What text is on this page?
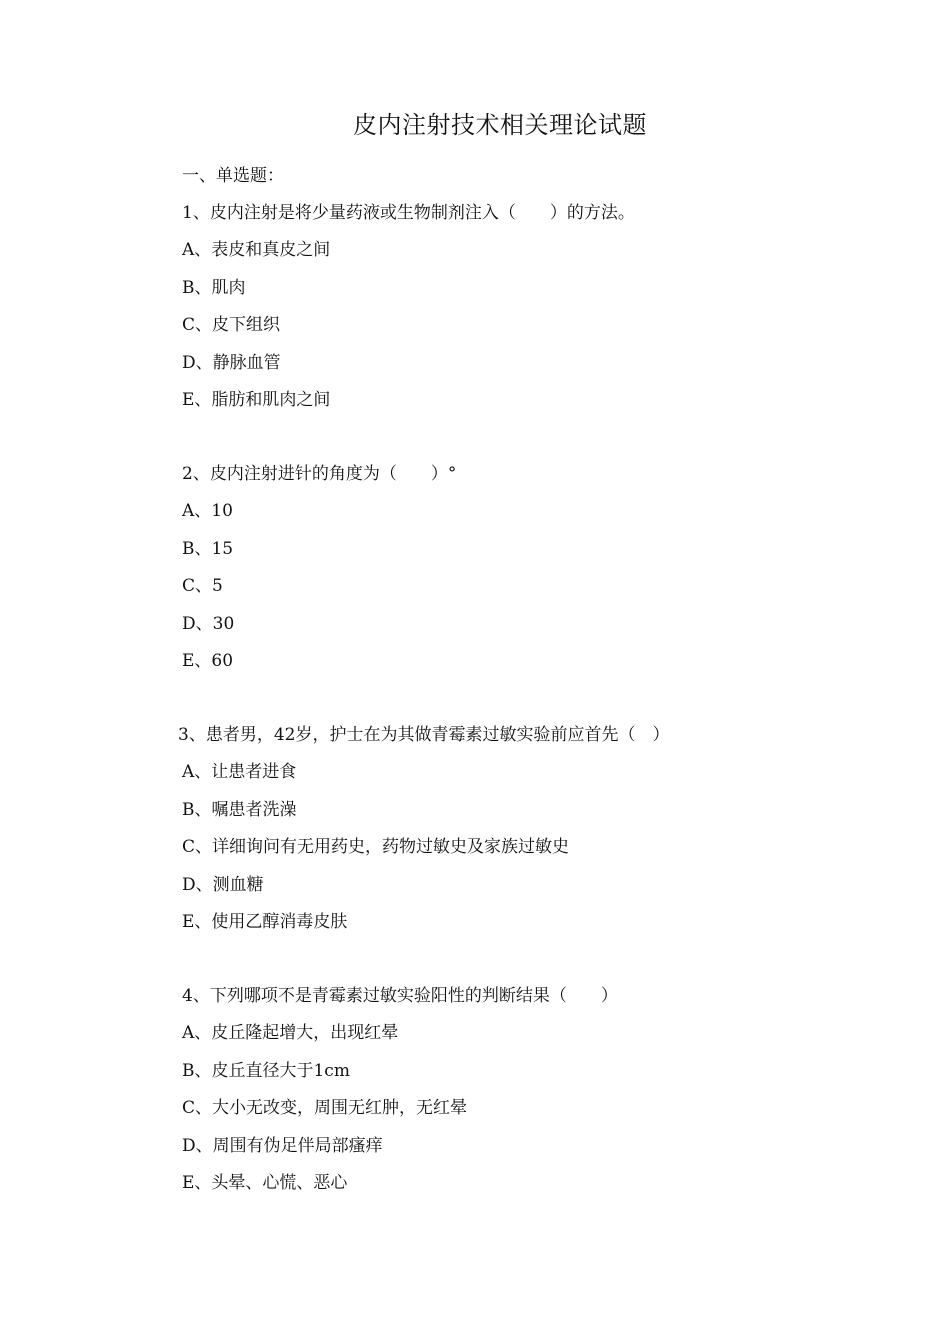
皮内注射技术相关理论试题
一、单选题：
1、皮内注射是将少量药液或生物制剂注入（　　）的方法。
A、表皮和真皮之间
B、肌肉
C、皮下组织
D、静脉血管
E、脂肪和肌肉之间
2、皮内注射进针的角度为（　　）°
A、10
B、15
C、5
D、30
E、60
3、患者男，42岁，护士在为其做青霉素过敏实验前应首先（　）
A、让患者进食
B、嘱患者洗澡
C、详细询问有无用药史，药物过敏史及家族过敏史
D、测血糖
E、使用乙醇消毒皮肤
4、下列哪项不是青霉素过敏实验阳性的判断结果（　　）
A、皮丘隆起增大，出现红晕
B、皮丘直径大于1cm
C、大小无改变，周围无红肿，无红晕
D、周围有伪足伴局部瘙痒
E、头晕、心慌、恶心
